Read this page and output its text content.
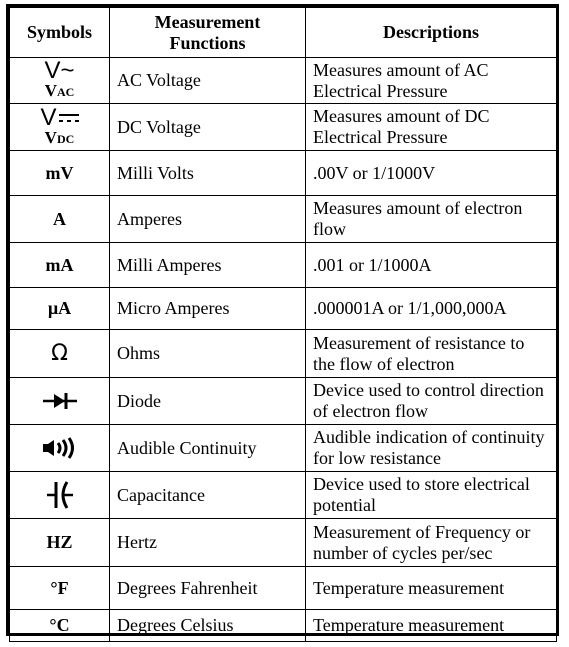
Symbols	Measurement Functions	Descriptions

V~
VAC	AC Voltage	Measures amount of AC Electrical Pressure

V
VDC	DC Voltage	Measures amount of DC Electrical Pressure
mV	Milli Volts	.00V or 1/1000V
A	Amperes	Measures amount of electron flow
mA	Milli Amperes	.001 or 1/1000A
µA	Micro Amperes	.000001A or 1/1,000,000A
Ω	Ohms	Measurement of resistance to the flow of electron

	Diode	Device used to control direction of electron flow

	Audible Continuity	Audible indication of continuity for low resistance

	Capacitance	Device used to store electrical potential
HZ	Hertz	Measurement of Frequency or number of cycles per/sec
°F	Degrees Fahrenheit	Temperature measurement
°C	Degrees Celsius	Temperature measurement
